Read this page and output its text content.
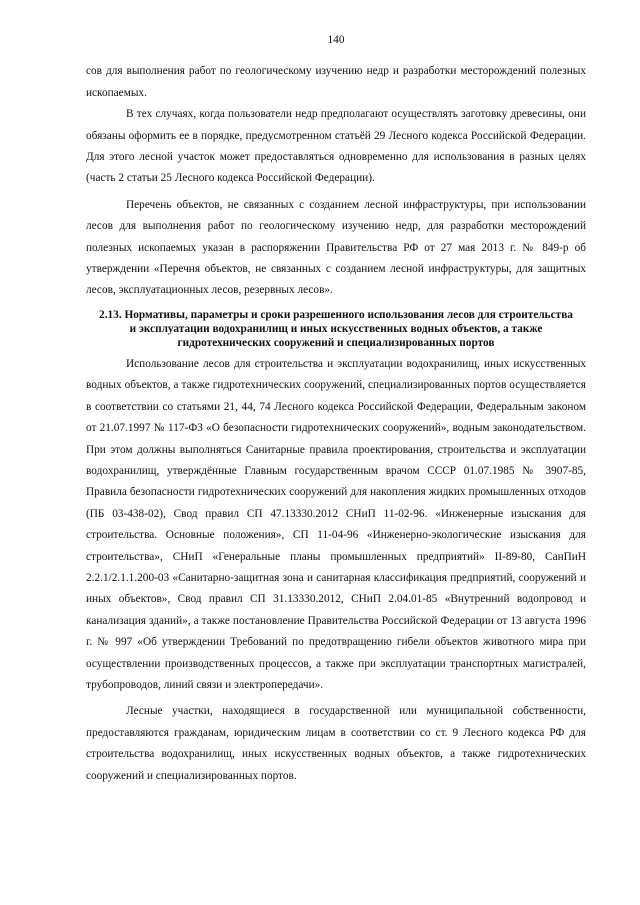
140

сов для выполнения работ по геологическому изучению недр и разработки месторождений полезных ископаемых.

В тех случаях, когда пользователи недр предполагают осуществлять заготовку древесины, они обязаны оформить ее в порядке, предусмотренном статьёй 29 Лесного кодекса Российской Федерации. Для этого лесной участок может предоставляться одновременно для использования в разных целях (часть 2 статьи 25 Лесного кодекса Российской Федерации).

Перечень объектов, не связанных с созданием лесной инфраструктуры, при использовании лесов для выполнения работ по геологическому изучению недр, для разработки месторождений полезных ископаемых указан в распоряжении Правительства РФ от 27 мая 2013 г. № 849-р об утверждении «Перечня объектов, не связанных с созданием лесной инфраструктуры, для защитных лесов, эксплуатационных лесов, резервных лесов».

2.13. Нормативы, параметры и сроки разрешенного использования лесов для строительства и эксплуатации водохранилищ и иных искусственных водных объектов, а также гидротехнических сооружений и специализированных портов

Использование лесов для строительства и эксплуатации водохранилищ, иных искусственных водных объектов, а также гидротехнических сооружений, специализированных портов осуществляется в соответствии со статьями 21, 44, 74 Лесного кодекса Российской Федерации, Федеральным законом от 21.07.1997 № 117-ФЗ «О безопасности гидротехнических сооружений», водным законодательством. При этом должны выполняться Санитарные правила проектирования, строительства и эксплуатации водохранилищ, утверждённые Главным государственным врачом СССР 01.07.1985 № 3907-85, Правила безопасности гидротехнических сооружений для накопления жидких промышленных отходов (ПБ 03-438-02), Свод правил СП 47.13330.2012 СНиП 11-02-96. «Инженерные изыскания для строительства. Основные положения», СП 11-04-96 «Инженерно-экологические изыскания для строительства», СНиП «Генеральные планы промышленных предприятий» II-89-80, СанПиН 2.2.1/2.1.1.200-03 «Санитарно-защитная зона и санитарная классификация предприятий, сооружений и иных объектов», Свод правил СП 31.13330.2012, СНиП 2.04.01-85 «Внутренний водопровод и канализация зданий», а также постановление Правительства Российской Федерации от 13 августа 1996 г. № 997 «Об утверждении Требований по предотвращению гибели объектов животного мира при осуществлении производственных процессов, а также при эксплуатации транспортных магистралей, трубопроводов, линий связи и электропередачи».

Лесные участки, находящиеся в государственной или муниципальной собственности, предоставляются гражданам, юридическим лицам в соответствии со ст. 9 Лесного кодекса РФ для строительства водохранилищ, иных искусственных водных объектов, а также гидротехнических сооружений и специализированных портов.
